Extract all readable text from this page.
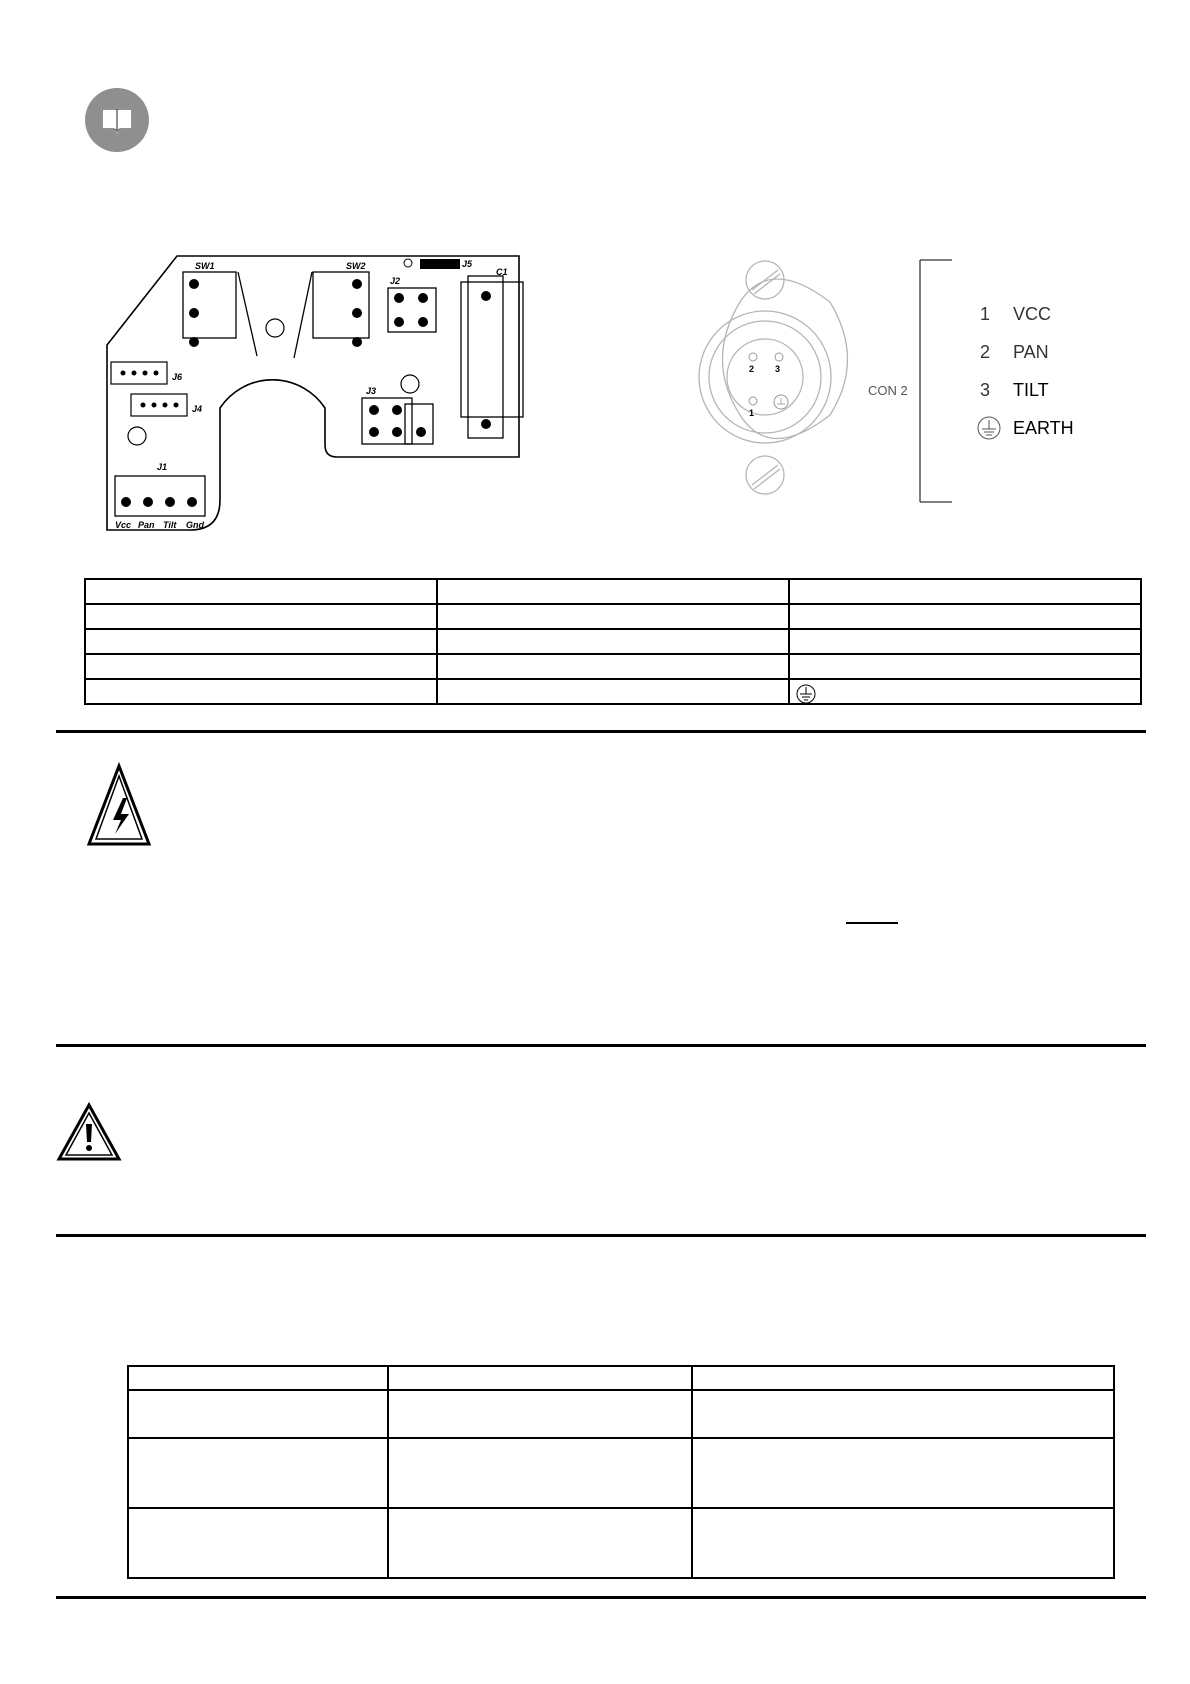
SW1	SW2	J5
C1
J2
J3
J6
J4
J1
Vcc Pan Tilt Gnd
2 3
1
CON 2
1 VCC
2 PAN
3 TILT
EARTH
